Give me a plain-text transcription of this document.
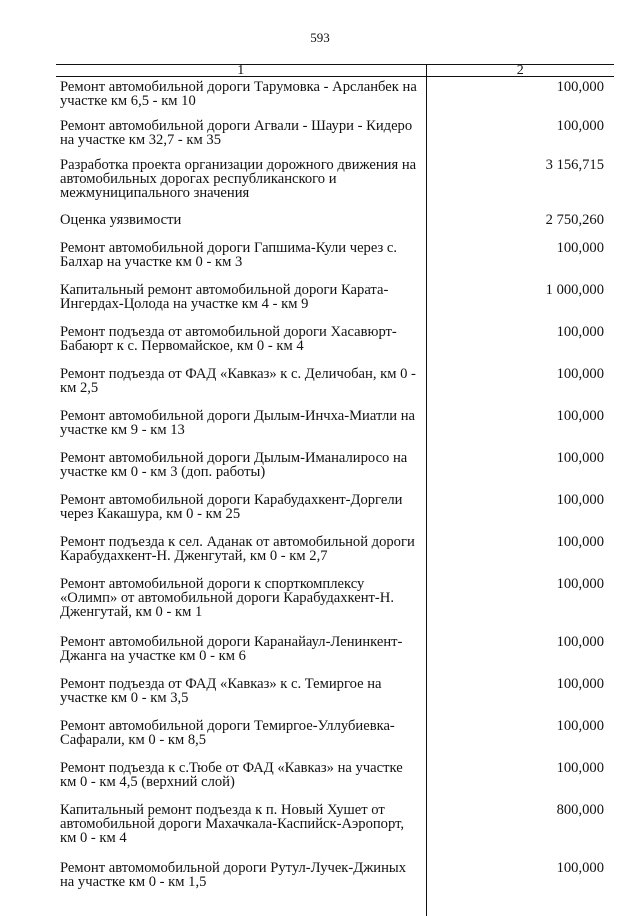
593
1	2
Ремонт автомобильной дороги Тарумовка - Арсланбек на участке км 6,5 - км 10	100,000
Ремонт автомобильной дороги Агвали - Шаури - Кидеро на участке км 32,7 - км 35	100,000
Разработка проекта организации дорожного движения на автомобильных дорогах республиканского и межмуниципального значения	3 156,715
Оценка уязвимости	2 750,260
Ремонт автомобильной дороги Гапшима-Кули через с. Балхар на участке км 0 - км 3	100,000
Капитальный ремонт автомобильной дороги Карата-Ингердах-Цолода на участке км 4 - км 9	1 000,000
Ремонт подъезда от автомобильной дороги Хасавюрт-Бабаюрт к с. Первомайское, км 0 - км 4	100,000
Ремонт подъезда от ФАД «Кавказ» к с. Деличобан, км 0 - км 2,5	100,000
Ремонт автомобильной дороги Дылым-Инчха-Миатли на участке км 9 - км 13	100,000
Ремонт автомобильной дороги Дылым-Иманалиросо на участке км 0 - км 3 (доп. работы)	100,000
Ремонт автомобильной дороги Карабудахкент-Доргели через Какашура, км 0 - км 25	100,000
Ремонт подъезда к сел. Аданак от автомобильной дороги Карабудахкент-Н. Дженгутай, км 0 - км 2,7	100,000
Ремонт автомобильной дороги к спорткомплексу «Олимп» от автомобильной дороги Карабудахкент-Н. Дженгутай, км 0 - км 1	100,000
Ремонт автомобильной дороги Каранайаул-Ленинкент-Джанга на участке км 0 - км 6	100,000
Ремонт подъезда от ФАД «Кавказ» к с. Темиргое на участке км 0 - км 3,5	100,000
Ремонт автомобильной дороги Темиргое-Уллубиевка-Сафарали, км 0 - км 8,5	100,000
Ремонт подъезда к с.Тюбе от ФАД «Кавказ» на участке км 0 - км 4,5 (верхний слой)	100,000
Капитальный ремонт подъезда к п. Новый Хушет от автомобильной дороги Махачкала-Каспийск-Аэропорт, км 0 - км 4	800,000
Ремонт автомомобильной дороги Рутул-Лучек-Джиных на участке км 0 - км 1,5	100,000
